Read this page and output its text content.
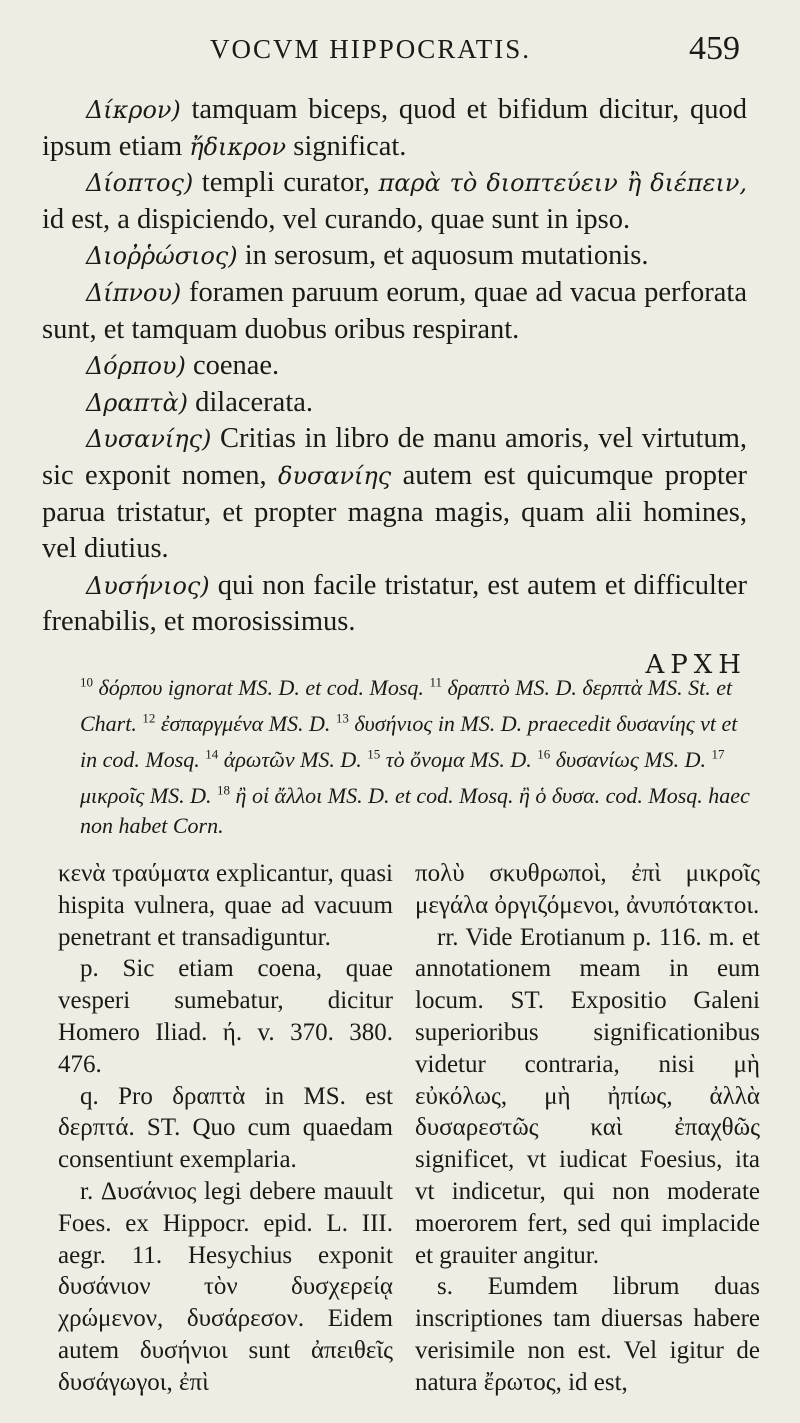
VOCVM HIPPOCRATIS.	459

Δίκρον) tamquam biceps, quod et bifidum dicitur, quod ipsum etiam ἤδικρον significat.

Δίοπτος) templi curator, παρὰ τὸ διοπτεύειν ἢ διέπειν, id est, a dispiciendo, vel curando, quae sunt in ipso.

Διοῤῥώσιος) in serosum, et aquosum mutationis.

Δίπνου) foramen paruum eorum, quae ad vacua perforata sunt, et tamquam duobus oribus respirant.

Δόρπου) coenae.

Δραπτὰ) dilacerata.

Δυσανίης) Critias in libro de manu amoris, vel virtutum, sic exponit nomen, δυσανίης autem est quicumque propter parua tristatur, et propter magna magis, quam alii homines, vel diutius.

Δυσήνιος) qui non facile tristatur, est autem et difficulter frenabilis, et morosissimus.

ΑΡΧΗ

$^{10}$ δόρπου ignorat MS. D. et cod. Mosq. $^{11}$ δραπτὸ MS. D. δερπτὰ MS. St. et Chart. $^{12}$ ἐσπαργμένα MS. D. $^{13}$ δυσήνιος in MS. D. praecedit δυσανίης vt et in cod. Mosq. $^{14}$ ἀρωτῶν MS. D. $^{15}$ τὸ ὄνομα MS. D. $^{16}$ δυσανίως MS. D. $^{17}$ μικροῖς MS. D. $^{18}$ ἢ οἱ ἄλλοι MS. D. et cod. Mosq. ἢ ὁ δυσα. cod. Mosq. haec non habet Corn.

κενὰ τραύματα explicantur, quasi hispita vulnera, quae ad vacuum penetrant et transadiguntur.

p. Sic etiam coena, quae vesperi sumebatur, dicitur Homero Iliad. ή. v. 370. 380. 476.

q. Pro δραπτὰ in MS. est δερπτά. ST. Quo cum quaedam consentiunt exemplaria.

r. Δυσάνιος legi debere mauult Foes. ex Hippocr. epid. L. III. aegr. 11. Hesychius exponit δυσάνιον τὸν δυσχερείᾳ χρώμενον, δυσάρεσον. Eidem autem δυσήνιοι sunt ἀπειθεῖς δυσάγωγοι, ἐπὶ

πολὺ σκυθρωποὶ, ἐπὶ μικροῖς μεγάλα ὀργιζόμενοι, ἀνυπότακτοι.

rr. Vide Erotianum p. 116. m. et annotationem meam in eum locum. ST. Expositio Galeni superioribus significationibus videtur contraria, nisi μὴ εὐκόλως, μὴ ἠπίως, ἀλλὰ δυσαρεστῶς καὶ ἐπαχθῶς significet, vt iudicat Foesius, ita vt indicetur, qui non moderate moerorem fert, sed qui implacide et grauiter angitur.

s. Eumdem librum duas inscriptiones tam diuersas habere verisimile non est. Vel igitur de natura ἔρωτος, id est,
